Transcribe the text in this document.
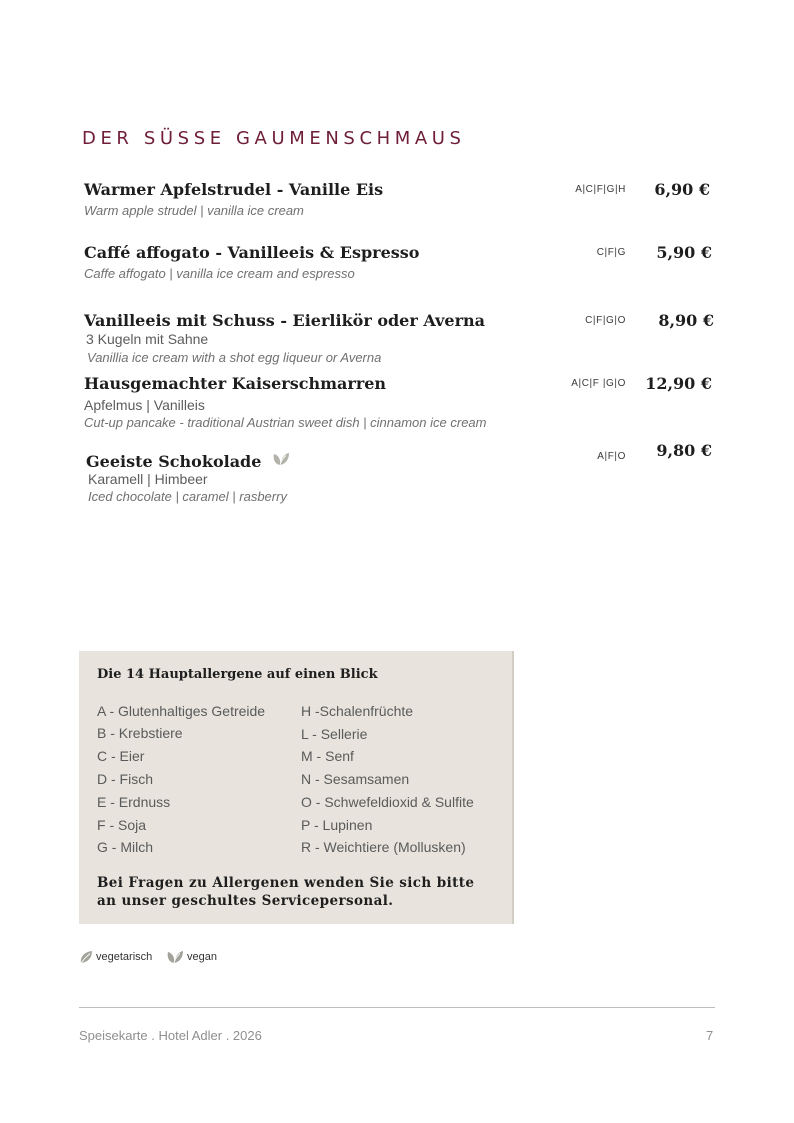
DER SÜSSE GAUMENSCHMAUS
Warmer Apfelstrudel - Vanille Eis
Warm apple strudel | vanilla ice cream
A|C|F|G|H	6,90 €
Caffé affogato - Vanilleeis & Espresso
Caffe affogato | vanilla ice cream and espresso
C|F|G	5,90 €
Vanilleeis mit Schuss - Eierlikör oder Averna
3 Kugeln mit Sahne
Vanillia ice cream with a shot egg liqueur or Averna
C|F|G|O	8,90 €
Hausgemachter Kaiserschmarren
Apfelmus | Vanilleis
Cut-up pancake - traditional Austrian sweet dish | cinnamon ice cream
A|C|F |G|O	12,90 €
Geeiste Schokolade
Karamell | Himbeer
Iced chocolate | caramel | rasberry
A|F|O	9,80 €
Die 14 Hauptallergene auf einen Blick
A - Glutenhaltiges Getreide
B - Krebstiere
C - Eier
D - Fisch
E - Erdnuss
F - Soja
G - Milch
H -Schalenfrüchte
L - Sellerie
M - Senf
N - Sesamsamen
O - Schwefeldioxid & Sulfite
P - Lupinen
R - Weichtiere (Mollusken)
Bei Fragen zu Allergenen wenden Sie sich bitte
an unser geschultes Servicepersonal.
vegetarisch	vegan
Speisekarte . Hotel Adler . 2026	7
